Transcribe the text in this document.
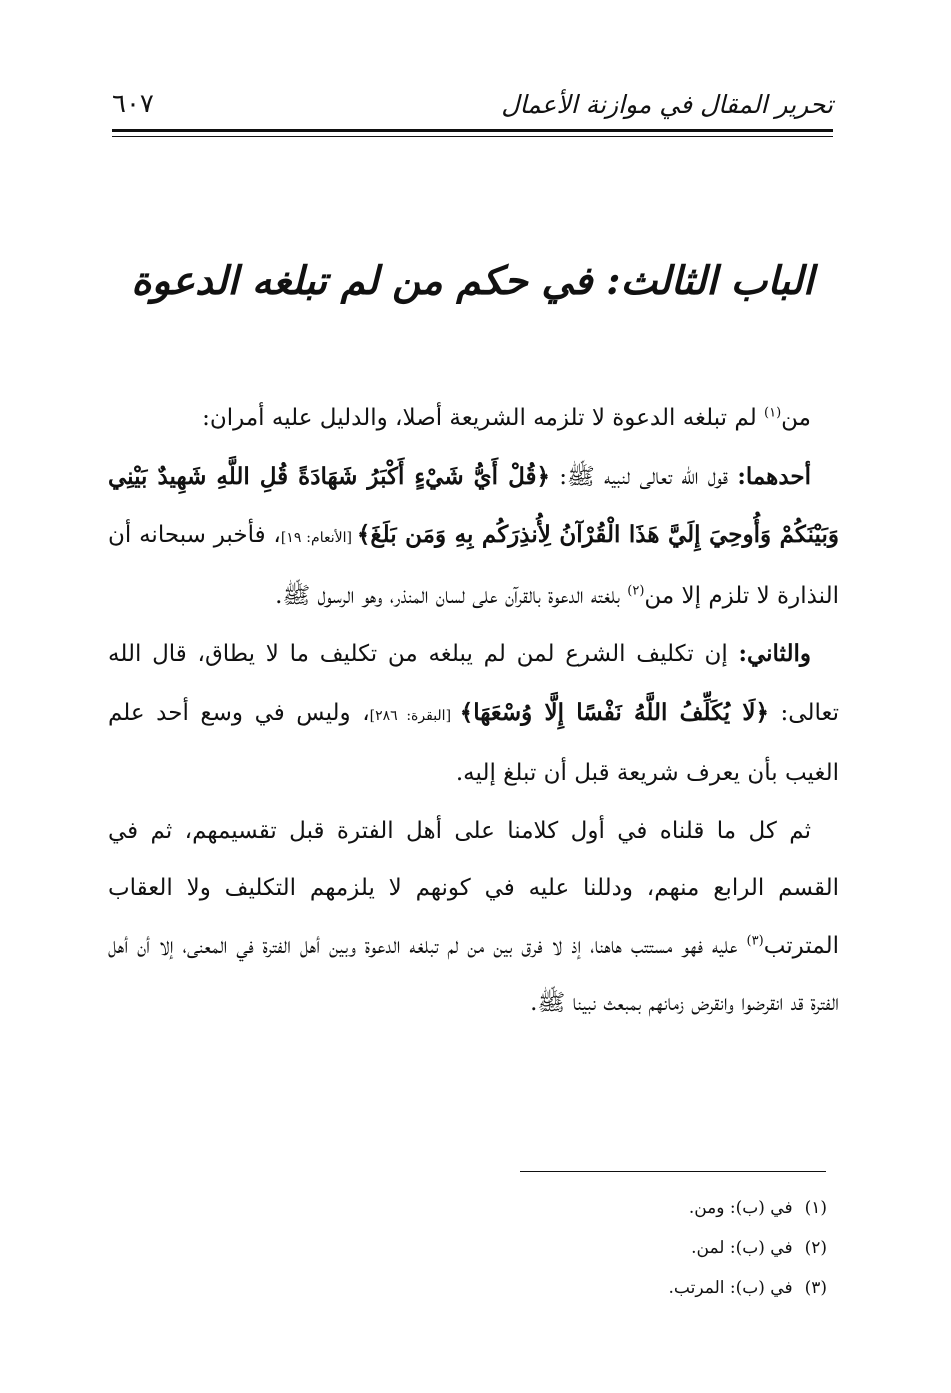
٦٠٧	تحرير المقال في موازنة الأعمال
الباب الثالث: في حكم من لم تبلغه الدعوة

من$^{(١)}$ لم تبلغه الدعوة لا تلزمه الشريعة أصلا، والدليل عليه أمران:

أحدهما: قول الله تعالى لنبيه ﷺ: ﴿قُلْ أَيُّ شَيْءٍ أَكْبَرُ شَهَادَةً قُلِ اللَّهِ شَهِيدٌ بَيْنِي وَبَيْنَكُمْ وَأُوحِيَ إِلَيَّ هَذَا الْقُرْآنُ لِأُنذِرَكُم بِهِ وَمَن بَلَغَ﴾ [الأنعام: ١٩]، فأخبر سبحانه أن النذارة لا تلزم إلا من$^{(٢)}$ بلغته الدعوة بالقرآن على لسان المنذر، وهو الرسول ﷺ.

والثاني: إن تكليف الشرع لمن لم يبلغه من تكليف ما لا يطاق، قال الله تعالى: ﴿لَا يُكَلِّفُ اللَّهُ نَفْسًا إِلَّا وُسْعَهَا﴾ [البقرة: ٢٨٦]، وليس في وسع أحد علم الغيب بأن يعرف شريعة قبل أن تبلغ إليه.

ثم كل ما قلناه في أول كلامنا على أهل الفترة قبل تقسيمهم، ثم في القسم الرابع منهم، ودللنا عليه في كونهم لا يلزمهم التكليف ولا العقاب المترتب$^{(٣)}$ عليه فهو مستتب هاهنا، إذ لا فرق بين من لم تبلغه الدعوة وبين أهل الفترة في المعنى، إلا أن أهل الفترة قد انقرضوا وانقرض زمانهم بمبعث نبينا ﷺ.

(١)
في (ب): ومن.
(٢)
في (ب): لمن.
(٣)
في (ب): المرتب.
